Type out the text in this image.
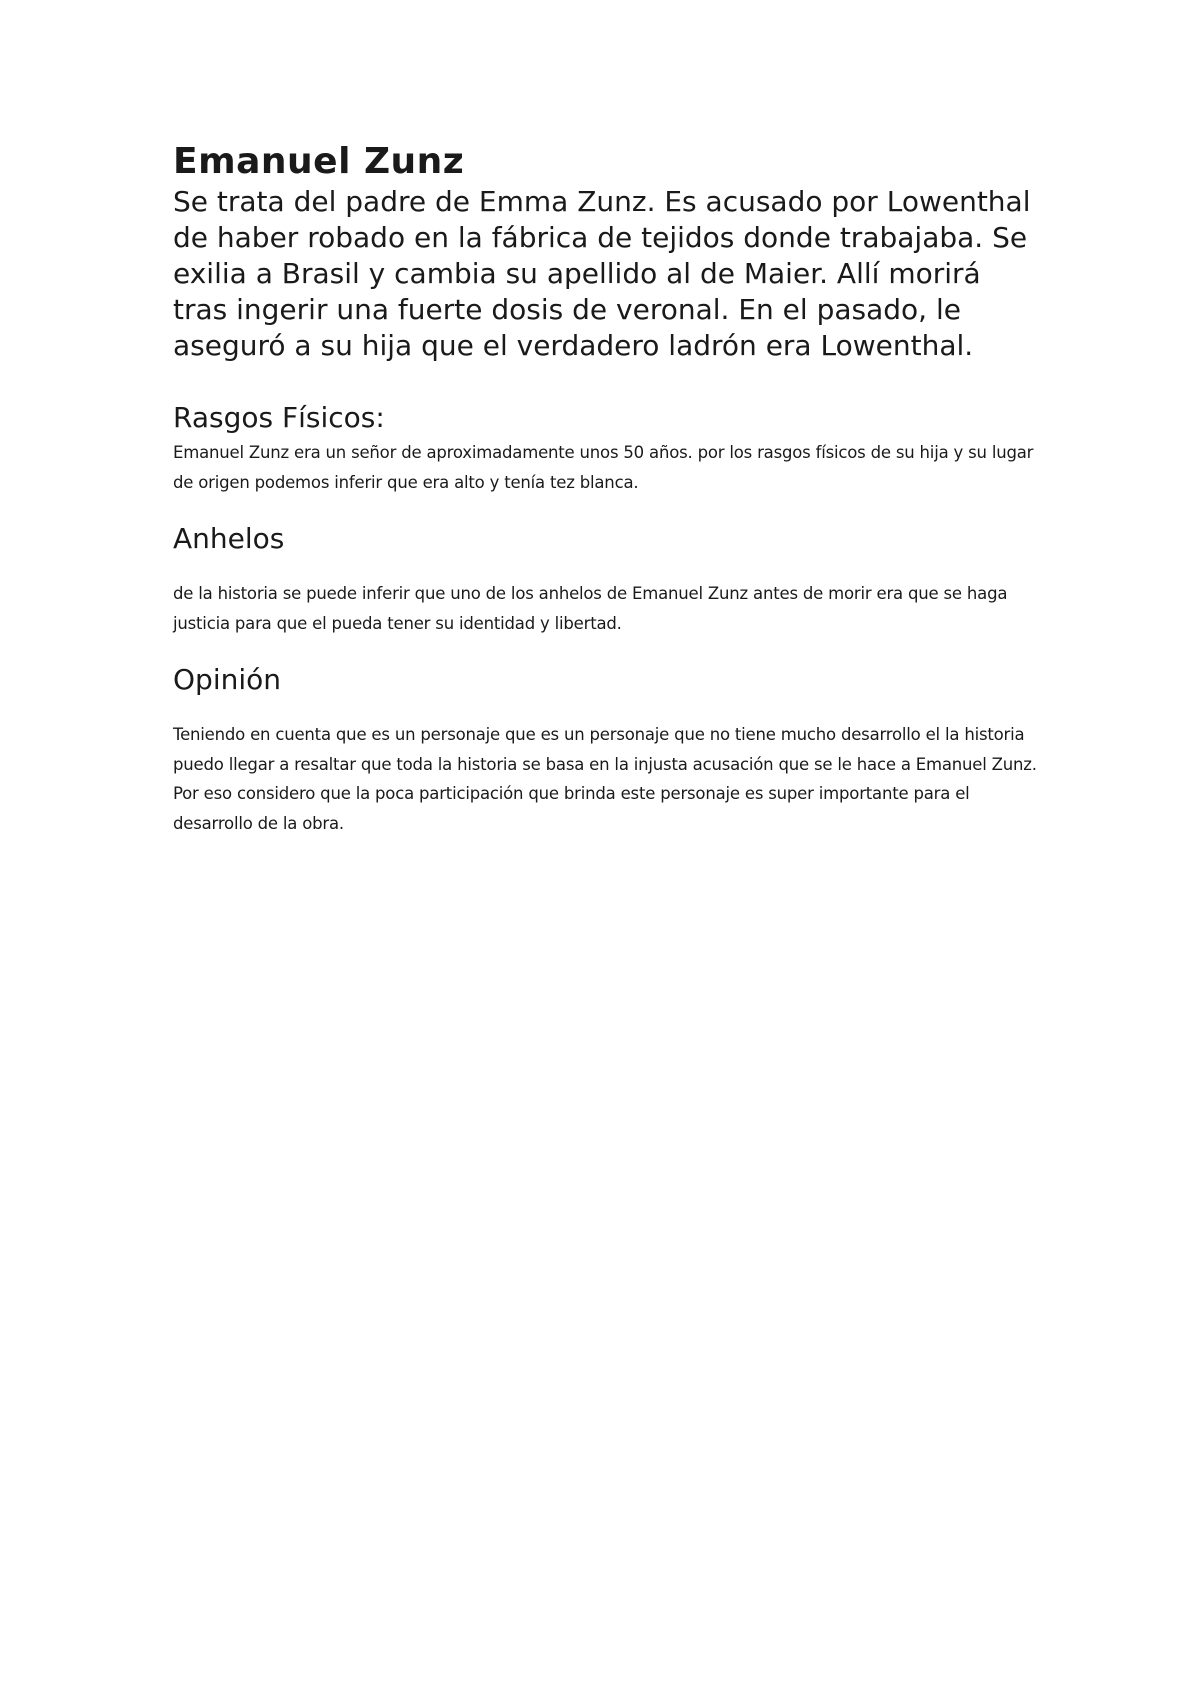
Emanuel Zunz

Se trata del padre de Emma Zunz. Es acusado por Lowenthal de haber robado en la fábrica de tejidos donde trabajaba. Se exilia a Brasil y cambia su apellido al de Maier. Allí morirá tras ingerir una fuerte dosis de veronal. En el pasado, le aseguró a su hija que el verdadero ladrón era Lowenthal.

Rasgos Físicos:

Emanuel Zunz era un señor de aproximadamente unos 50 años. por los rasgos físicos de su hija y su lugar de origen podemos inferir que era alto y tenía tez blanca.

Anhelos

de la historia se puede inferir que uno de los anhelos de Emanuel Zunz antes de morir era que se haga justicia para que el pueda tener su identidad y libertad.

Opinión

Teniendo en cuenta que es un personaje que es un personaje que no tiene mucho desarrollo el la historia puedo llegar a resaltar que toda la historia se basa en la injusta acusación que se le hace a Emanuel Zunz. Por eso considero que la poca participación que brinda este personaje es super importante para el desarrollo de la obra.
